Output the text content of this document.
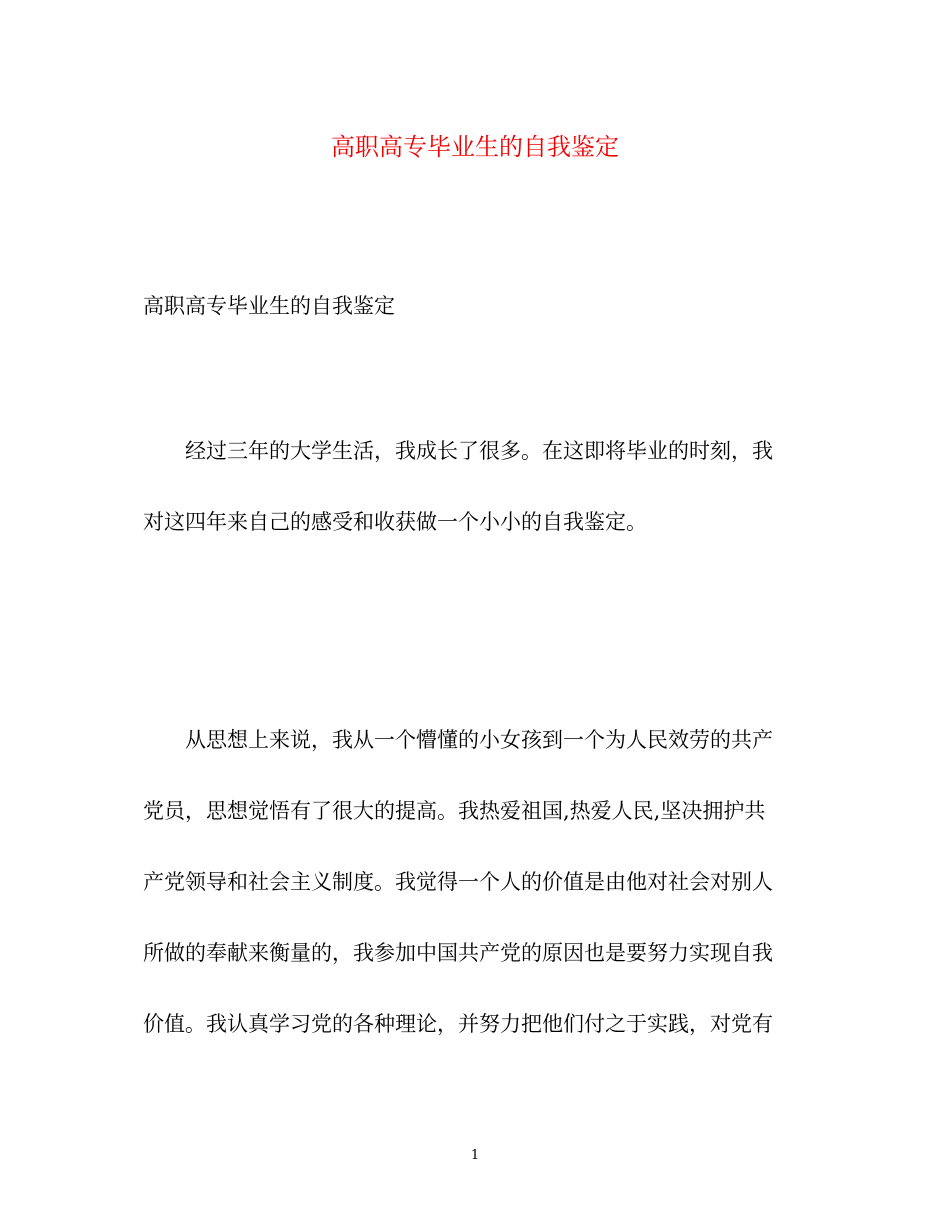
高职高专毕业生的自我鉴定

高职高专毕业生的自我鉴定

经过三年的大学生活，我成长了很多。在这即将毕业的时刻，我
对这四年来自己的感受和收获做一个小小的自我鉴定。
从思想上来说，我从一个懵懂的小女孩到一个为人民效劳的共产
党员，思想觉悟有了很大的提高。我热爱祖国,热爱人民,坚决拥护共
产党领导和社会主义制度。我觉得一个人的价值是由他对社会对别人
所做的奉献来衡量的，我参加中国共产党的原因也是要努力实现自我
价值。我认真学习党的各种理论，并努力把他们付之于实践，对党有
1
